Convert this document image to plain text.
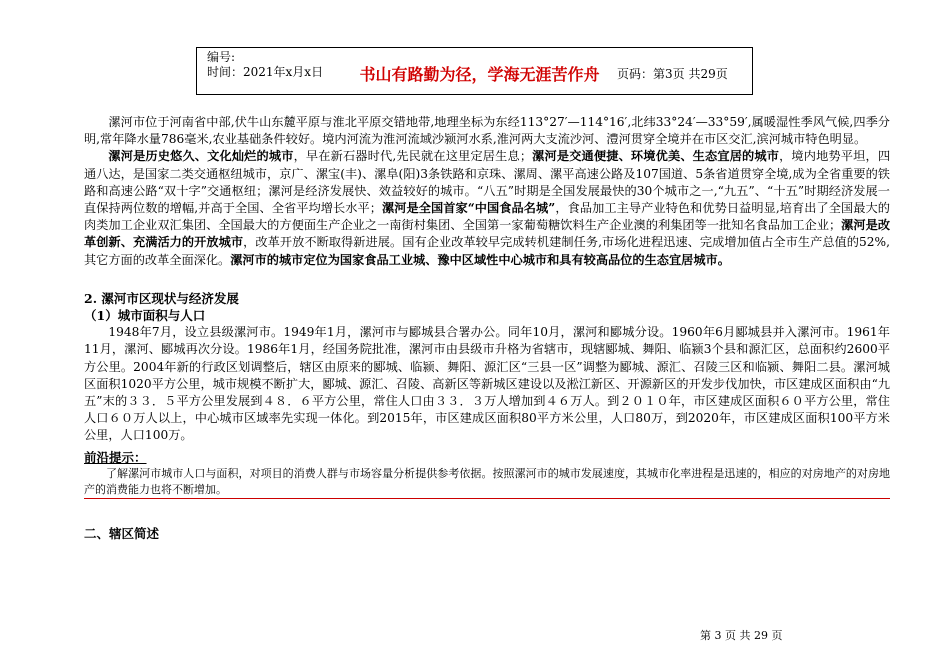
编号:
时间：2021年x月x日 书山有路勤为径，学海无涯苦作舟 页码：第3页 共29页

漯河市位于河南省中部,伏牛山东麓平原与淮北平原交错地带,地理坐标为东经113°27′—114°16′,北纬33°24′—33°59′,属暖湿性季风气候,四季分明,常年降水量786毫米,农业基础条件较好。境内河流为淮河流域沙颍河水系,淮河两大支流沙河、澧河贯穿全境并在市区交汇,滨河城市特色明显。

漯河是历史悠久、文化灿烂的城市，早在新石器时代,先民就在这里定居生息；漯河是交通便捷、环境优美、生态宜居的城市，境内地势平坦，四通八达，是国家二类交通枢纽城市，京广、漯宝(丰)、漯阜(阳)3条铁路和京珠、漯周、漯平高速公路及107国道、5条省道贯穿全境,成为全省重要的铁路和高速公路“双十字”交通枢纽；漯河是经济发展快、效益较好的城市。“八五”时期是全国发展最快的30个城市之一,“九五”、“十五”时期经济发展一直保持两位数的增幅,并高于全国、全省平均增长水平；漯河是全国首家“中国食品名城”，食品加工主导产业特色和优势日益明显,培育出了全国最大的肉类加工企业双汇集团、全国最大的方便面生产企业之一南街村集团、全国第一家葡萄糖饮料生产企业澳的利集团等一批知名食品加工企业；漯河是改革创新、充满活力的开放城市，改革开放不断取得新进展。国有企业改革较早完成转机建制任务,市场化进程迅速、完成增加值占全市生产总值的52%,其它方面的改革全面深化。漯河市的城市定位为国家食品工业城、豫中区域性中心城市和具有较高品位的生态宜居城市。

2. 漯河市区现状与经济发展
（1）城市面积与人口

1948年7月，设立县级漯河市。1949年1月，漯河市与郾城县合署办公。同年10月，漯河和郾城分设。1960年6月郾城县并入漯河市。1961年11月，漯河、郾城再次分设。1986年1月，经国务院批准，漯河市由县级市升格为省辖市，现辖郾城、舞阳、临颍3个县和源汇区，总面积约2600平方公里。2004年新的行政区划调整后，辖区由原来的郾城、临颍、舞阳、源汇区“三县一区”调整为郾城、源汇、召陵三区和临颍、舞阳二县。漯河城区面积1020平方公里，城市规模不断扩大，郾城、源汇、召陵、高新区等新城区建设以及淞江新区、开源新区的开发步伐加快，市区建成区面积由“九五”末的３３．５平方公里发展到４８．６平方公里，常住人口由３３．３万人增加到４６万人。到２０１０年，市区建成区面积６０平方公里，常住人口６０万人以上，中心城市区域率先实现一体化。到2015年，市区建成区面积80平方米公里，人口80万，到2020年，市区建成区面积100平方米公里，人口100万。

前沿提示：

了解漯河市城市人口与面积，对项目的消费人群与市场容量分析提供参考依据。按照漯河市的城市发展速度，其城市化率进程是迅速的，相应的对房地产的对房地产的消费能力也将不断增加。

二、辖区简述
第 3 页 共 29 页
